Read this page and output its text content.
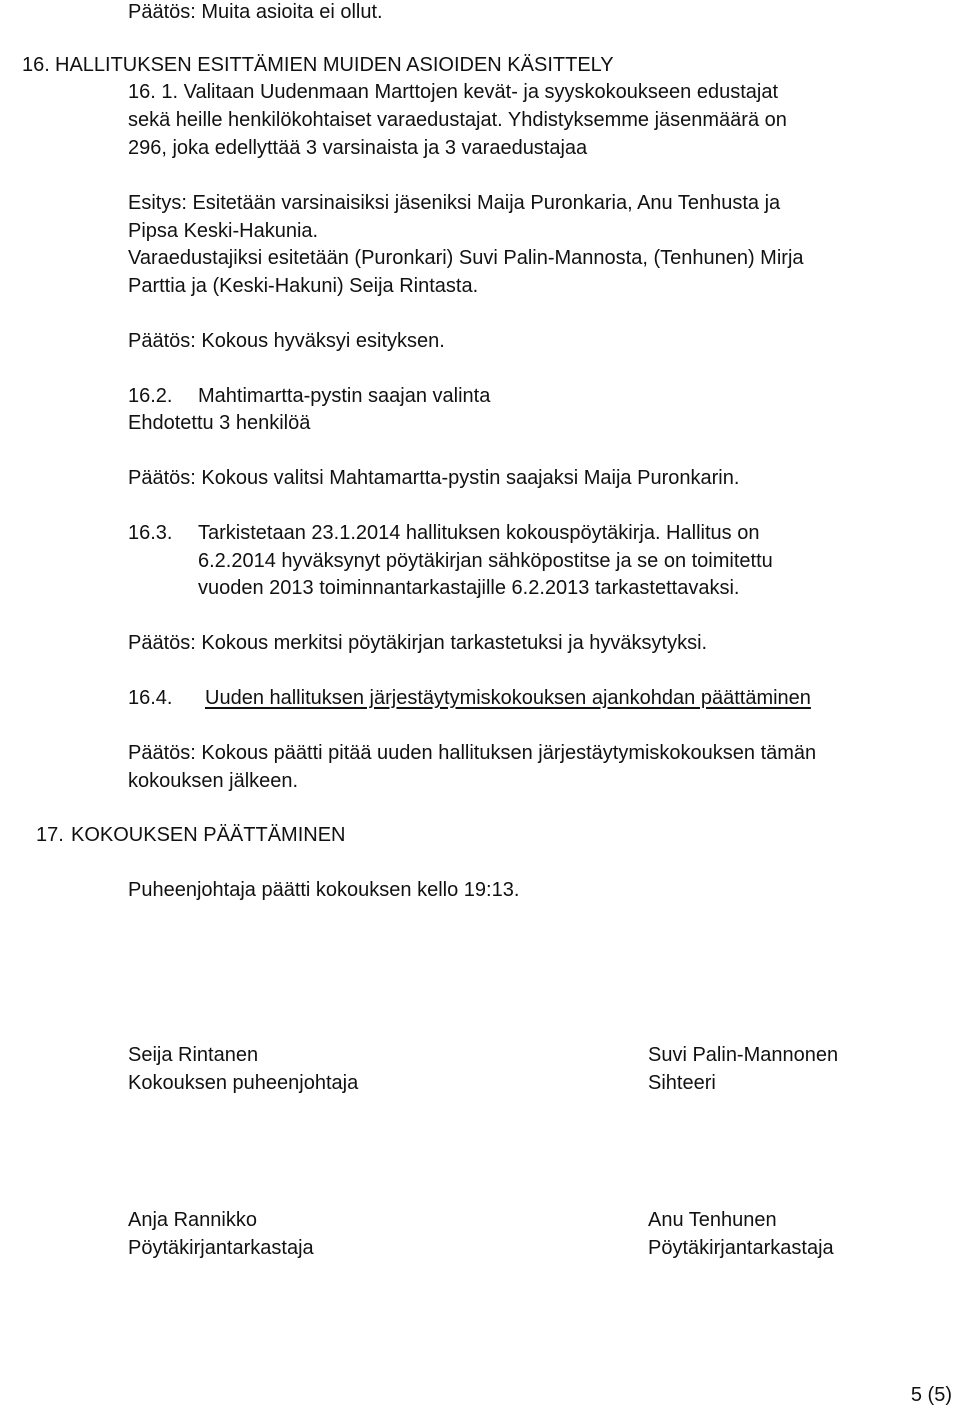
Päätös: Muita asioita ei ollut.

16. HALLITUKSEN ESITTÄMIEN MUIDEN ASIOIDEN KÄSITTELY

16. 1. Valitaan Uudenmaan Marttojen kevät- ja syyskokoukseen edustajat

sekä heille henkilökohtaiset varaedustajat. Yhdistyksemme jäsenmäärä on

296, joka edellyttää 3 varsinaista ja 3 varaedustajaa

Esitys: Esitetään varsinaisiksi jäseniksi Maija Puronkaria, Anu Tenhusta ja

Pipsa Keski-Hakunia.

Varaedustajiksi esitetään (Puronkari) Suvi Palin-Mannosta, (Tenhunen) Mirja

Parttia ja (Keski-Hakuni) Seija Rintasta.

Päätös: Kokous hyväksyi esityksen.

16.2. Mahtimartta-pystin saajan valinta

Ehdotettu 3 henkilöä

Päätös: Kokous valitsi Mahtamartta-pystin saajaksi Maija Puronkarin.

16.3. Tarkistetaan 23.1.2014 hallituksen kokouspöytäkirja. Hallitus on

6.2.2014 hyväksynyt pöytäkirjan sähköpostitse ja se on toimitettu

vuoden 2013 toiminnantarkastajille 6.2.2013 tarkastettavaksi.

Päätös: Kokous merkitsi pöytäkirjan tarkastetuksi ja hyväksytyksi.

16.4. Uuden hallituksen järjestäytymiskokouksen ajankohdan päättäminen

Päätös: Kokous päätti pitää uuden hallituksen järjestäytymiskokouksen tämän

kokouksen jälkeen.

17. KOKOUKSEN PÄÄTTÄMINEN

Puheenjohtaja päätti kokouksen kello 19:13.

Seija Rintanen

Kokouksen puheenjohtaja

Suvi Palin-Mannonen

Sihteeri

Anja Rannikko

Pöytäkirjantarkastaja

Anu Tenhunen

Pöytäkirjantarkastaja

5 (5)
